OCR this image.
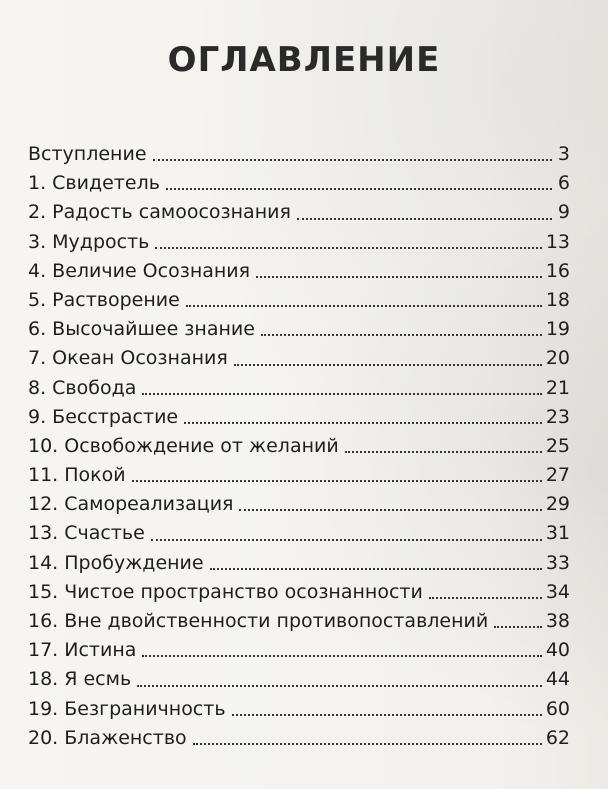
ОГЛАВЛЕНИЕ
Вступление	3
1. Свидетель	6
2. Радость самоосознания	9
3. Мудрость	13
4. Величие Осознания	16
5. Растворение	18
6. Высочайшее знание	19
7. Океан Осознания	20
8. Свобода	21
9. Бесстрастие	23
10. Освобождение от желаний	25
11. Покой	27
12. Самореализация	29
13. Счастье	31
14. Пробуждение	33
15. Чистое пространство осознанности	34
16. Вне двойственности противопоставлений	38
17. Истина	40
18. Я есмь	44
19. Безграничность	60
20. Блаженство	62
